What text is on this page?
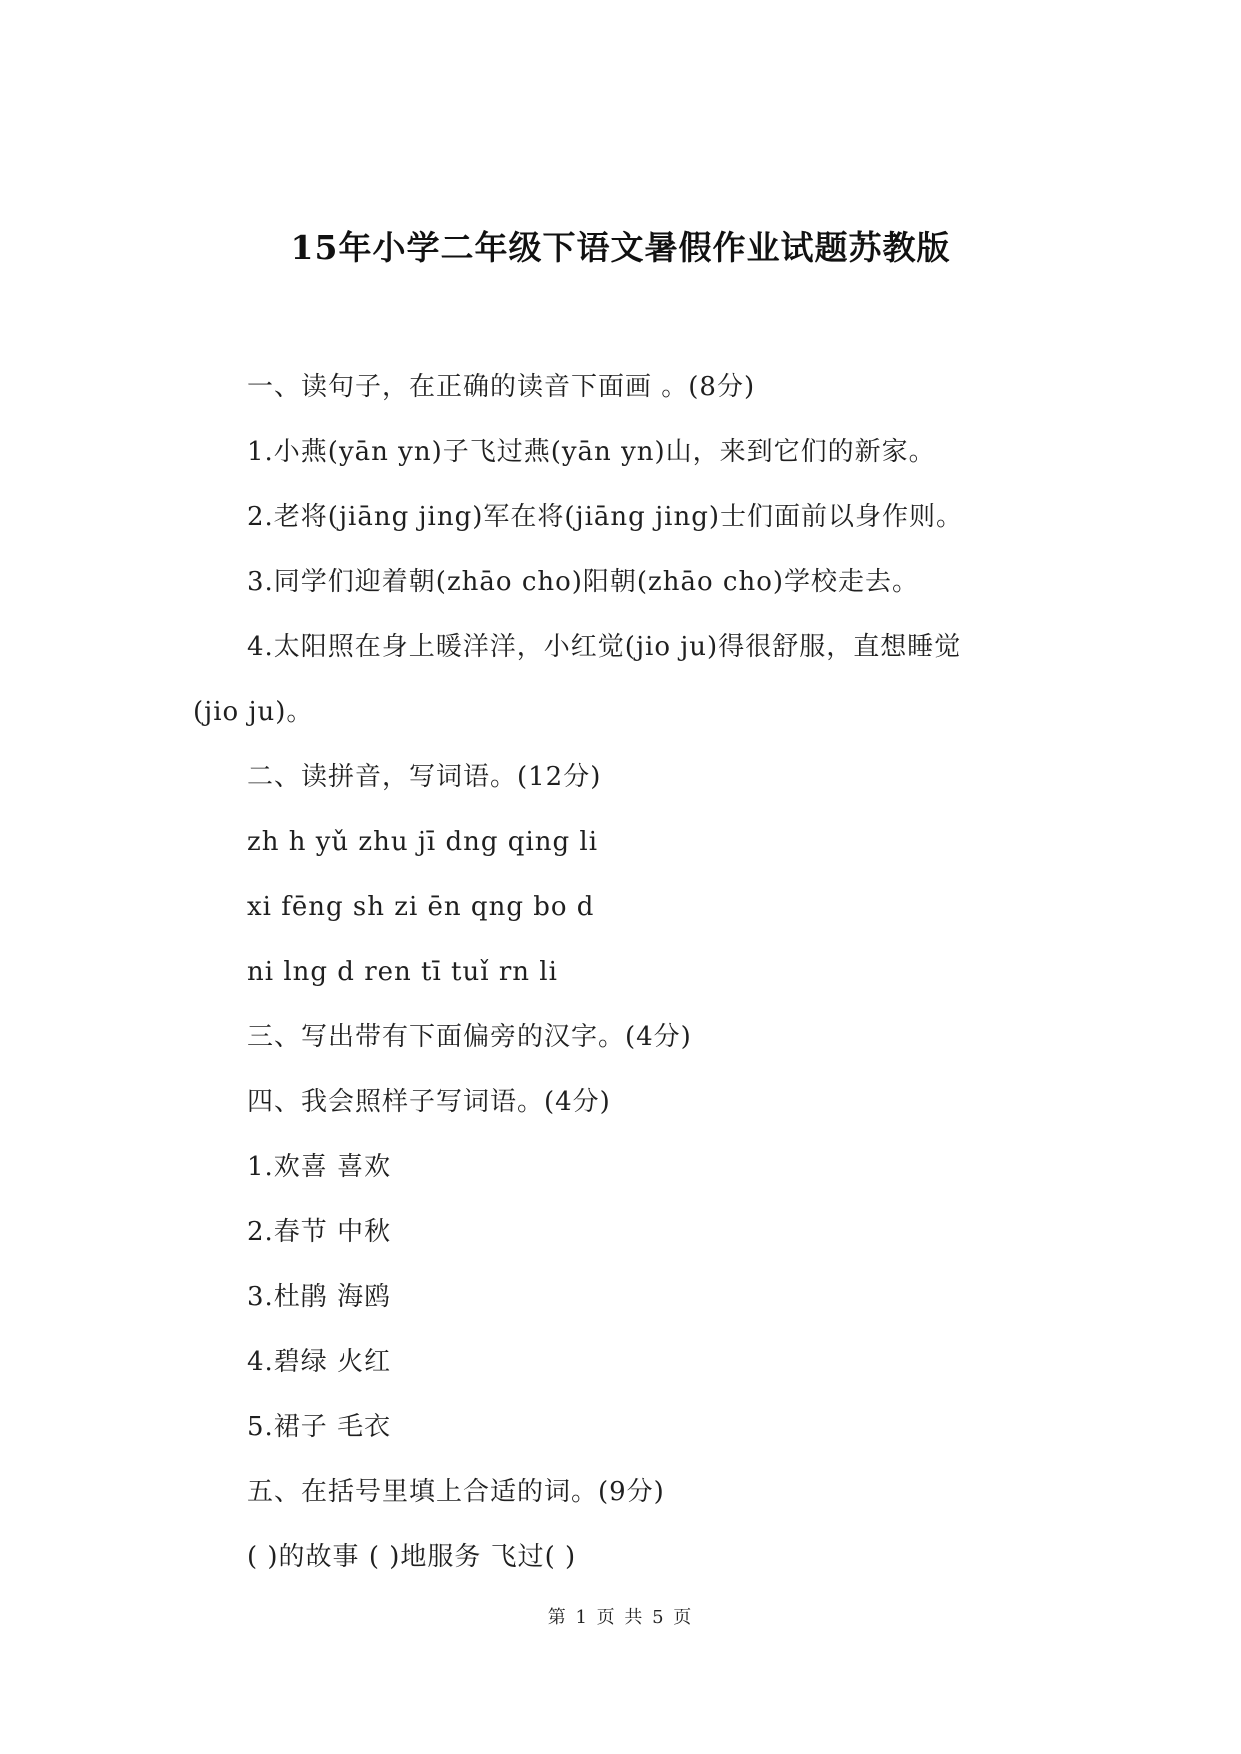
15年小学二年级下语文暑假作业试题苏教版
一、读句子，在正确的读音下面画 。(8分)
1.小燕(yān yn)子飞过燕(yān yn)山，来到它们的新家。
2.老将(jiāng jing)军在将(jiāng jing)士们面前以身作则。
3.同学们迎着朝(zhāo cho)阳朝(zhāo cho)学校走去。
4.太阳照在身上暖洋洋，小红觉(jio ju)得很舒服，直想睡觉
(jio ju)。
二、读拼音，写词语。(12分)
zh h yǔ zhu jī dng qing li
xi fēng sh zi ēn qng bo d
ni lng d ren tī tuǐ rn li
三、写出带有下面偏旁的汉字。(4分)
四、我会照样子写词语。(4分)
1.欢喜 喜欢
2.春节 中秋
3.杜鹃 海鸥
4.碧绿 火红
5.裙子 毛衣
五、在括号里填上合适的词。(9分)
( )的故事 ( )地服务 飞过( )
第 1 页 共 5 页
